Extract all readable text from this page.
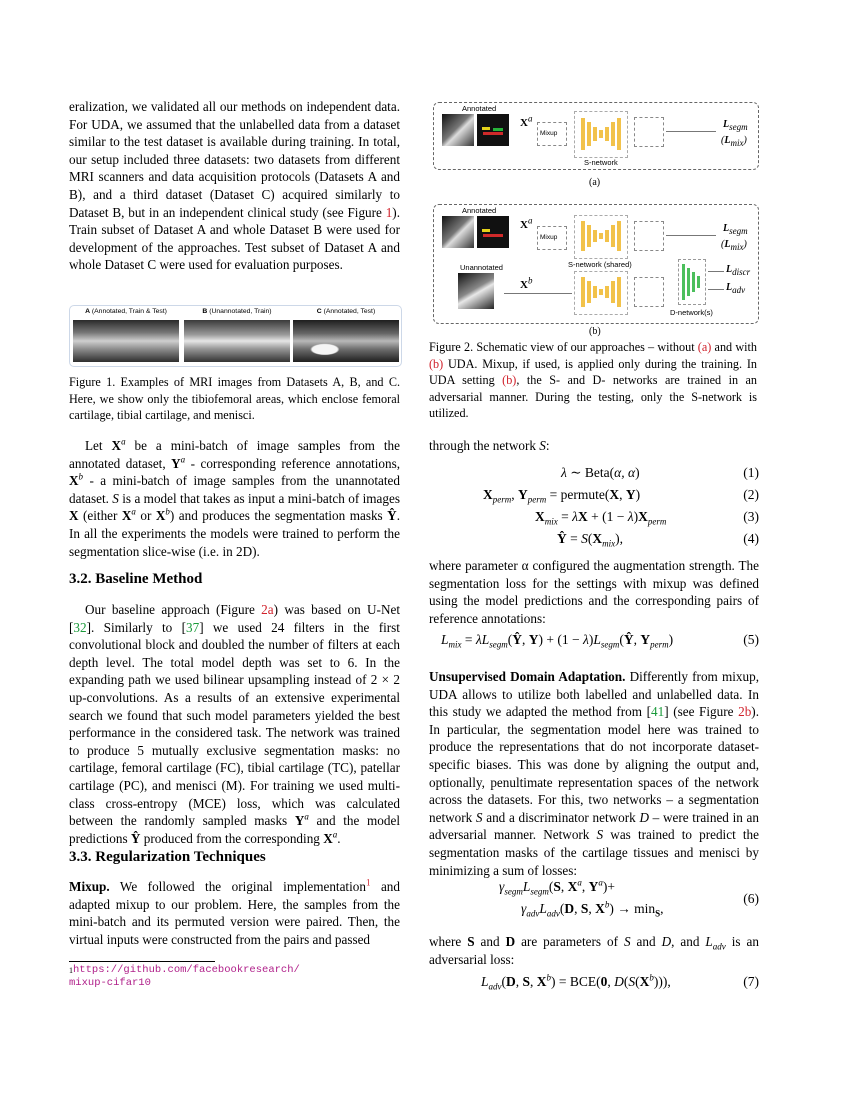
eralization, we validated all our methods on independent data. For UDA, we assumed that the unlabelled data from a dataset similar to the test dataset is available during training. In total, our setup included three datasets: two datasets from different MRI scanners and data acquisition protocols (Datasets A and B), and a third dataset (Dataset C) acquired similarly to Dataset B, but in an independent clinical study (see Figure 1). Train subset of Dataset A and whole Dataset B were used for development of the approaches. Test subset of Dataset A and whole Dataset C were used for evaluation purposes.

A (Annotated, Train & Test)	B (Unannotated, Train)	C (Annotated, Test)
Figure 1. Examples of MRI images from Datasets A, B, and C. Here, we show only the tibiofemoral areas, which enclose femoral cartilage, tibial cartilage, and menisci.

Let $X^a$ be a mini-batch of image samples from the annotated dataset, $Y^a$ - corresponding reference annotations, $X^b$ - a mini-batch of image samples from the unannotated dataset. S is a model that takes as input a mini-batch of images X (either $X^a$ or $X^b$) and produces the segmentation masks Ŷ. In all the experiments the models were trained to perform the segmentation slice-wise (i.e. in 2D).

3.2. Baseline Method

Our baseline approach (Figure 2a) was based on U-Net [32]. Similarly to [37] we used 24 filters in the first convolutional block and doubled the number of filters at each depth level. The total model depth was set to 6. In the expanding path we used bilinear upsampling instead of 2 × 2 up-convolutions. As a results of an extensive experimental search we found that such model parameters yielded the best performance in the considered task. The network was trained to produce 5 mutually exclusive segmentation masks: no cartilage, femoral cartilage (FC), tibial cartilage (TC), patellar cartilage (PC), and menisci (M). For training we used multi-class cross-entropy (MCE) loss, which was calculated between the randomly sampled masks $Y^a$ and the model predictions Ŷ produced from the corresponding $X^a$.

3.3. Regularization Techniques

Mixup. We followed the original implementation$^1$ and adapted mixup to our problem. Here, the samples from the mini-batch and its permuted version were paired. Then, the virtual inputs were constructed from the pairs and passed

$^1$https://github.com/facebookresearch/
mixup-cifar10
Annotated
$X^a$
Mixup
S-network
$L_{segm}$
$(L_{mix})$
(a)
Annotated
$X^a$
Mixup
S-network (shared)
$L_{segm}$
$(L_{mix})$
Unannotated
$X^b$
D-network(s)
$L_{discr}$
$L_{adv}$
(b)
Figure 2. Schematic view of our approaches – without (a) and with (b) UDA. Mixup, if used, is applied only during the training. In UDA setting (b), the S- and D- networks are trained in an adversarial manner. During the testing, only the S-network is utilized.
through the network S:
λ ∼ Beta(α, α)	(1)
$X_{perm}$, $Y_{perm}$ = permute(X, Y)	(2)
$X_{mix} = \lambda X + (1 - \lambda)X_{perm}$	(3)
Ŷ = $S(X_{mix})$,	(4)
where parameter α configured the augmentation strength. The segmentation loss for the settings with mixup was defined using the model predictions and the corresponding pairs of reference annotations:
$L_{mix}$ = $\lambda L_{segm}(Ŷ$, $Y) + (1 - \lambda)L_{segm}(Ŷ$, $Y_{perm}$)	(5)

Unsupervised Domain Adaptation. Differently from mixup, UDA allows to utilize both labelled and unlabelled data. In this study we adapted the method from [41] (see Figure 2b). In particular, the segmentation model here was trained to produce the representations that do not incorporate dataset-specific biases. This was done by aligning the output and, optionally, penultimate representation spaces of the network across the datasets. For this, two networks – a segmentation network S and a discriminator network D – were trained in an adversarial manner. Network S was trained to predict the segmentation masks of the cartilage tissues and menisci by minimizing a sum of losses:

$\gamma_{segm}L_{segm}(S$, $X^a$, $Y^a)+$
$\gamma_{adv}L_{adv}(D$, S, $X^b) \to \min_S$,
(6)

where S and D are parameters of S and D, and $L_{adv}$ is an adversarial loss:

$L_{adv}(D$, S, $X^b) = BCE(0$, $D(S(X^b))$),	(7)
